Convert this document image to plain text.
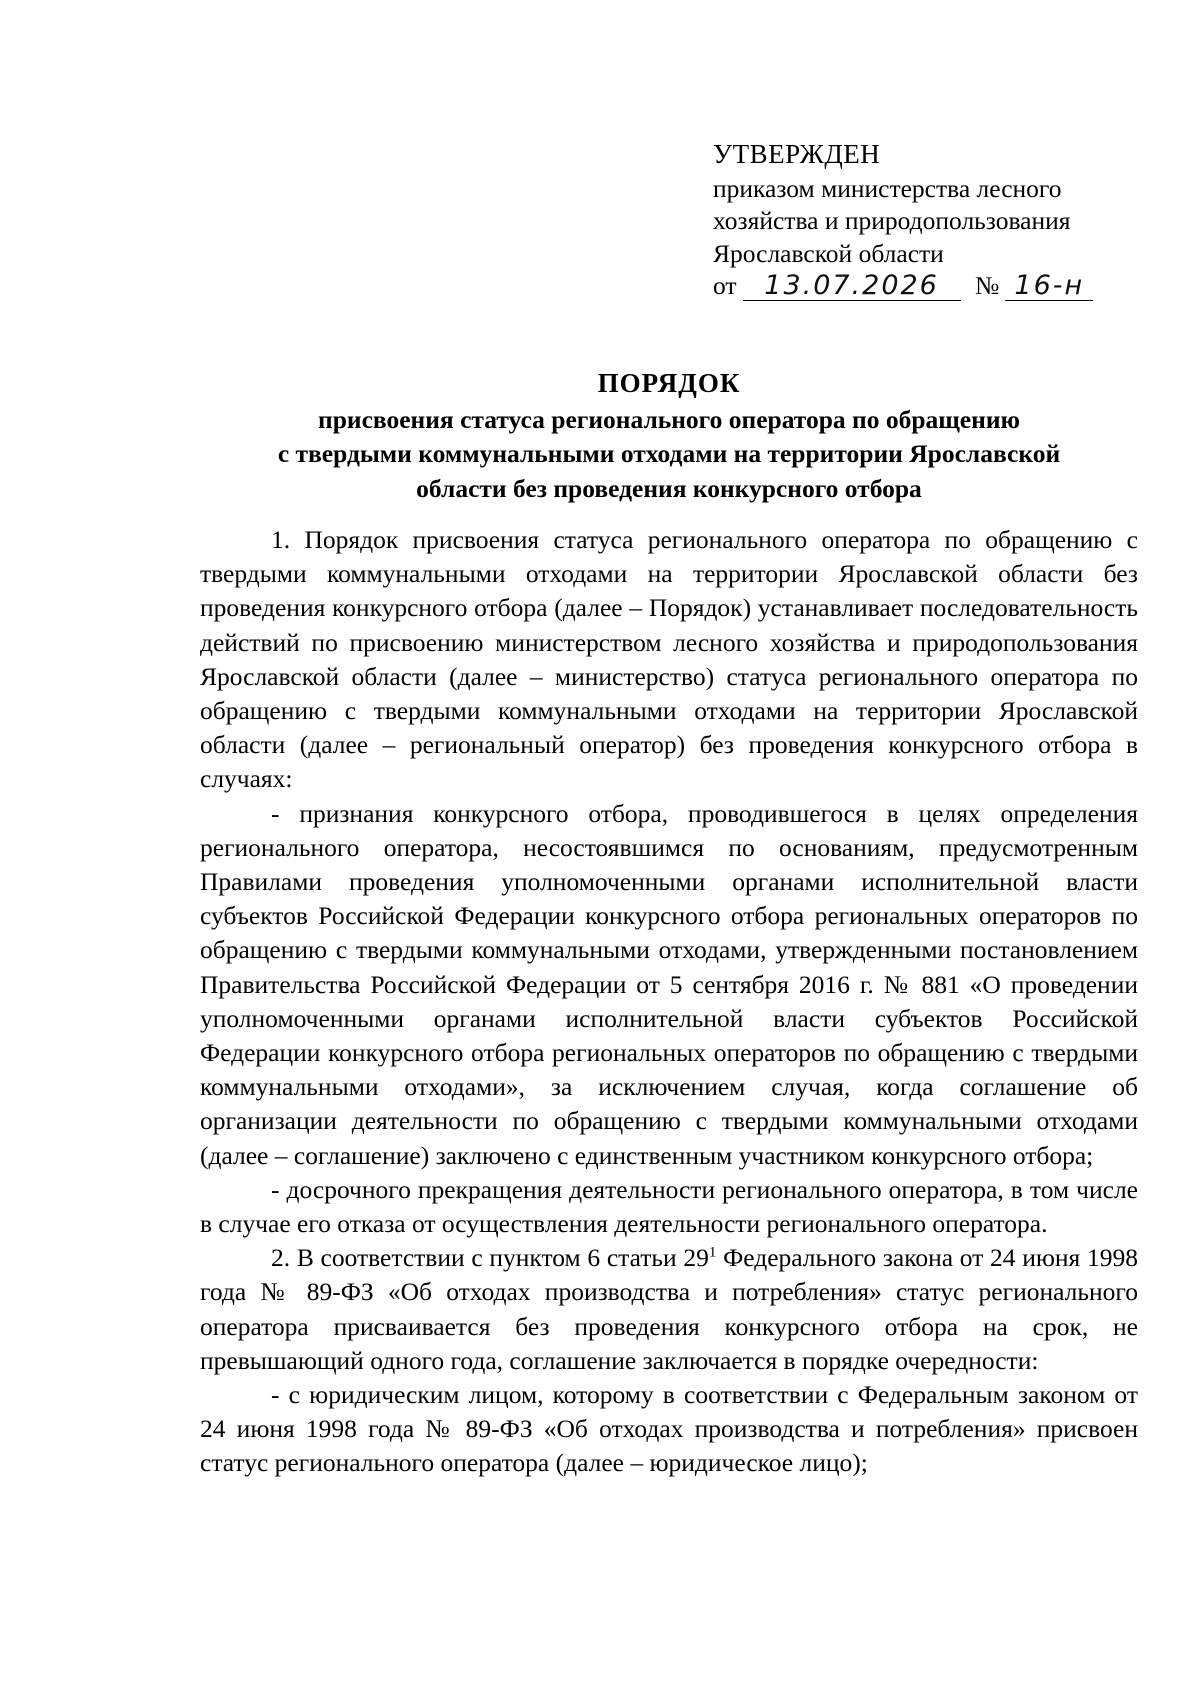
УТВЕРЖДЕН
приказом министерства лесного
хозяйства и природопользования
Ярославской области
от 13.07.2026 № 16-н
ПОРЯДОК
присвоения статуса регионального оператора по обращению
с твердыми коммунальными отходами на территории Ярославской
области без проведения конкурсного отбора

1. Порядок присвоения статуса регионального оператора по обращению с твердыми коммунальными отходами на территории Ярославской области без проведения конкурсного отбора (далее – Порядок) устанавливает последовательность действий по присвоению министерством лесного хозяйства и природопользования Ярославской области (далее – министерство) статуса регионального оператора по обращению с твердыми коммунальными отходами на территории Ярославской области (далее – региональный оператор) без проведения конкурсного отбора в случаях:

- признания конкурсного отбора, проводившегося в целях определения регионального оператора, несостоявшимся по основаниям, предусмотренным Правилами проведения уполномоченными органами исполнительной власти субъектов Российской Федерации конкурсного отбора региональных операторов по обращению с твердыми коммунальными отходами, утвержденными постановлением Правительства Российской Федерации от 5 сентября 2016 г. № 881 «О проведении уполномоченными органами исполнительной власти субъектов Российской Федерации конкурсного отбора региональных операторов по обращению с твердыми коммунальными отходами», за исключением случая, когда соглашение об организации деятельности по обращению с твердыми коммунальными отходами (далее – соглашение) заключено с единственным участником конкурсного отбора;

- досрочного прекращения деятельности регионального оператора, в том числе в случае его отказа от осуществления деятельности регионального оператора.

2. В соответствии с пунктом 6 статьи $29^1$ Федерального закона от 24 июня 1998 года № 89-ФЗ «Об отходах производства и потребления» статус регионального оператора присваивается без проведения конкурсного отбора на срок, не превышающий одного года, соглашение заключается в порядке очередности:

- с юридическим лицом, которому в соответствии с Федеральным законом от 24 июня 1998 года № 89-ФЗ «Об отходах производства и потребления» присвоен статус регионального оператора (далее – юридическое лицо);
